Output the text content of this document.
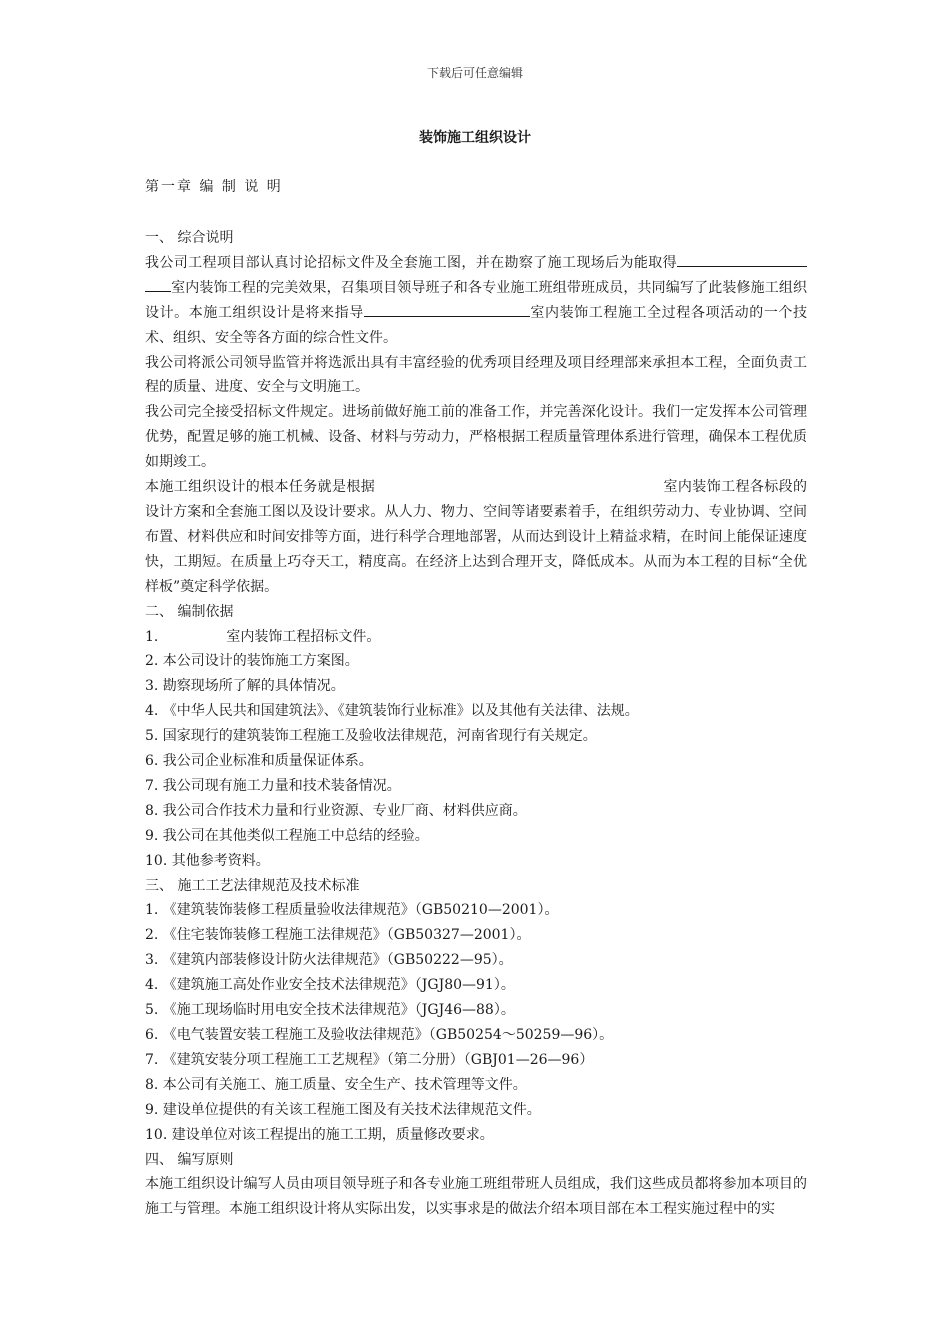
下载后可任意编辑
装饰施工组织设计
第一章 编 制 说 明

一、 综合说明

我公司工程项目部认真讨论招标文件及全套施工图，并在勘察了施工现场后为能取得室内装饰工程的完美效果，召集项目领导班子和各专业施工班组带班成员，共同编写了此装修施工组织设计。本施工组织设计是将来指导	室内装饰工程施工全过程各项活动的一个技术、组织、安全等各方面的综合性文件。

我公司将派公司领导监管并将选派出具有丰富经验的优秀项目经理及项目经理部来承担本工程，全面负责工程的质量、进度、安全与文明施工。

我公司完全接受招标文件规定。进场前做好施工前的准备工作，并完善深化设计。我们一定发挥本公司管理优势，配置足够的施工机械、设备、材料与劳动力，严格根据工程质量管理体系进行管理，确保本工程优质如期竣工。

本施工组织设计的根本任务就是根据	室内装饰工程各标段的设计方案和全套施工图以及设计要求。从人力、物力、空间等诸要素着手，在组织劳动力、专业协调、空间布置、材料供应和时间安排等方面，进行科学合理地部署，从而达到设计上精益求精，在时间上能保证速度快，工期短。在质量上巧夺天工，精度高。在经济上达到合理开支，降低成本。从而为本工程的目标“全优样板”奠定科学依据。

二、 编制依据

1.	室内装饰工程招标文件。

2. 本公司设计的装饰施工方案图。

3. 勘察现场所了解的具体情况。

4. 《中华人民共和国建筑法》、《建筑装饰行业标准》以及其他有关法律、法规。

5. 国家现行的建筑装饰工程施工及验收法律规范，河南省现行有关规定。

6. 我公司企业标准和质量保证体系。

7. 我公司现有施工力量和技术装备情况。

8. 我公司合作技术力量和行业资源、专业厂商、材料供应商。

9. 我公司在其他类似工程施工中总结的经验。

10. 其他参考资料。

三、 施工工艺法律规范及技术标准

1. 《建筑装饰装修工程质量验收法律规范》（GB50210—2001）。

2. 《住宅装饰装修工程施工法律规范》（GB50327—2001）。

3. 《建筑内部装修设计防火法律规范》（GB50222—95）。

4. 《建筑施工高处作业安全技术法律规范》（JGJ80—91）。

5. 《施工现场临时用电安全技术法律规范》（JGJ46—88）。

6. 《电气装置安装工程施工及验收法律规范》（GB50254～50259—96）。

7. 《建筑安装分项工程施工工艺规程》（第二分册）（GBJ01—26—96）

8. 本公司有关施工、施工质量、安全生产、技术管理等文件。

9. 建设单位提供的有关该工程施工图及有关技术法律规范文件。

10. 建设单位对该工程提出的施工工期，质量修改要求。

四、 编写原则

本施工组织设计编写人员由项目领导班子和各专业施工班组带班人员组成，我们这些成员都将参加本项目的施工与管理。本施工组织设计将从实际出发，以实事求是的做法介绍本项目部在本工程实施过程中的实
